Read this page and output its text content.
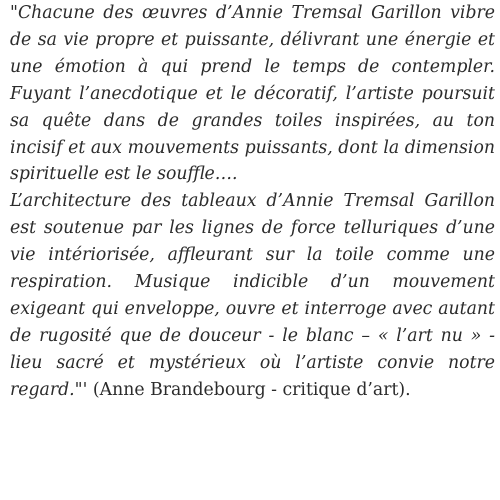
"Chacune des œuvres d’Annie Tremsal Garillon vibre de sa vie propre et puissante, délivrant une énergie et une émotion à qui prend le temps de contempler. Fuyant l’anecdotique et le décoratif, l’artiste poursuit sa quête dans de grandes toiles inspirées, au ton incisif et aux mouvements puissants, dont la dimension spirituelle est le souffle….

L’architecture des tableaux d’Annie Tremsal Garillon est soutenue par les lignes de force telluriques d’une vie intériorisée, affleurant sur la toile comme une respiration. Musique indicible d’un mouvement exigeant qui enveloppe, ouvre et interroge avec autant de rugosité que de douceur - le blanc – « l’art nu » - lieu sacré et mystérieux où l’artiste convie notre regard."' (Anne Brandebourg - critique d’art).
